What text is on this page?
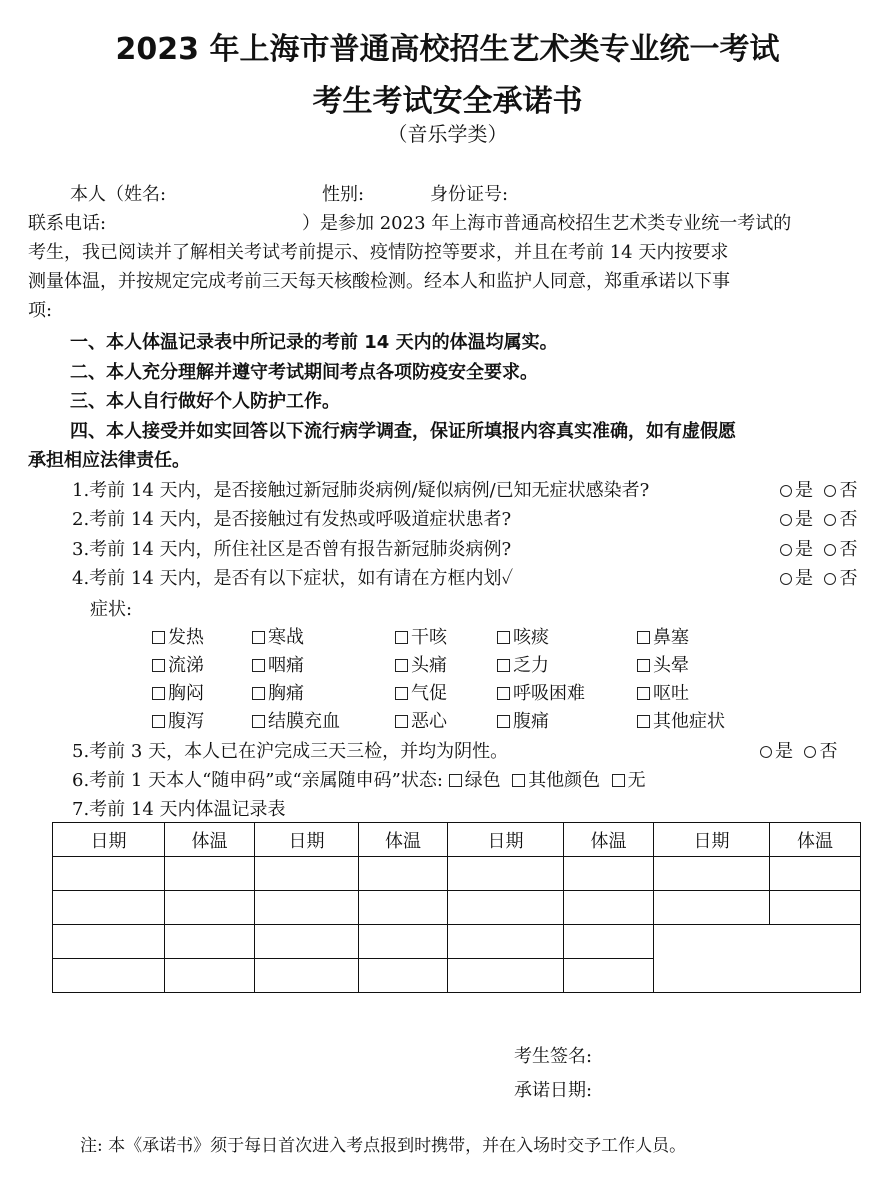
2023 年上海市普通高校招生艺术类专业统一考试
考生考试安全承诺书
（音乐学类）
本人（姓名:	性别:	身份证号:
联系电话:	）是参加 2023 年上海市普通高校招生艺术类专业统一考试的
考生，我已阅读并了解相关考试考前提示、疫情防控等要求，并且在考前 14 天内按要求
测量体温，并按规定完成考前三天每天核酸检测。经本人和监护人同意，郑重承诺以下事
项:
一、本人体温记录表中所记录的考前 14 天内的体温均属实。
二、本人充分理解并遵守考试期间考点各项防疫安全要求。
三、本人自行做好个人防护工作。
四、本人接受并如实回答以下流行病学调查，保证所填报内容真实准确，如有虚假愿
承担相应法律责任。
1.考前 14 天内，是否接触过新冠肺炎病例/疑似病例/已知无症状感染者?	是 否
2.考前 14 天内，是否接触过有发热或呼吸道症状患者?	是 否
3.考前 14 天内，所住社区是否曾有报告新冠肺炎病例?	是 否
4.考前 14 天内，是否有以下症状，如有请在方框内划✓	是 否
症状:
发热	寒战	干咳	咳痰	鼻塞
流涕	咽痛	头痛	乏力	头晕
胸闷	胸痛	气促	呼吸困难	呕吐
腹泻	结膜充血	恶心	腹痛	其他症状
5.考前 3 天，本人已在沪完成三天三检，并均为阴性。	是 否
6.考前 1 天本人“随申码”或“亲属随申码”状态: 绿色 其他颜色 无
7.考前 14 天内体温记录表
日期	体温	日期	体温	日期	体温	日期	体温

考生签名:
承诺日期:
注: 本《承诺书》须于每日首次进入考点报到时携带，并在入场时交予工作人员。
